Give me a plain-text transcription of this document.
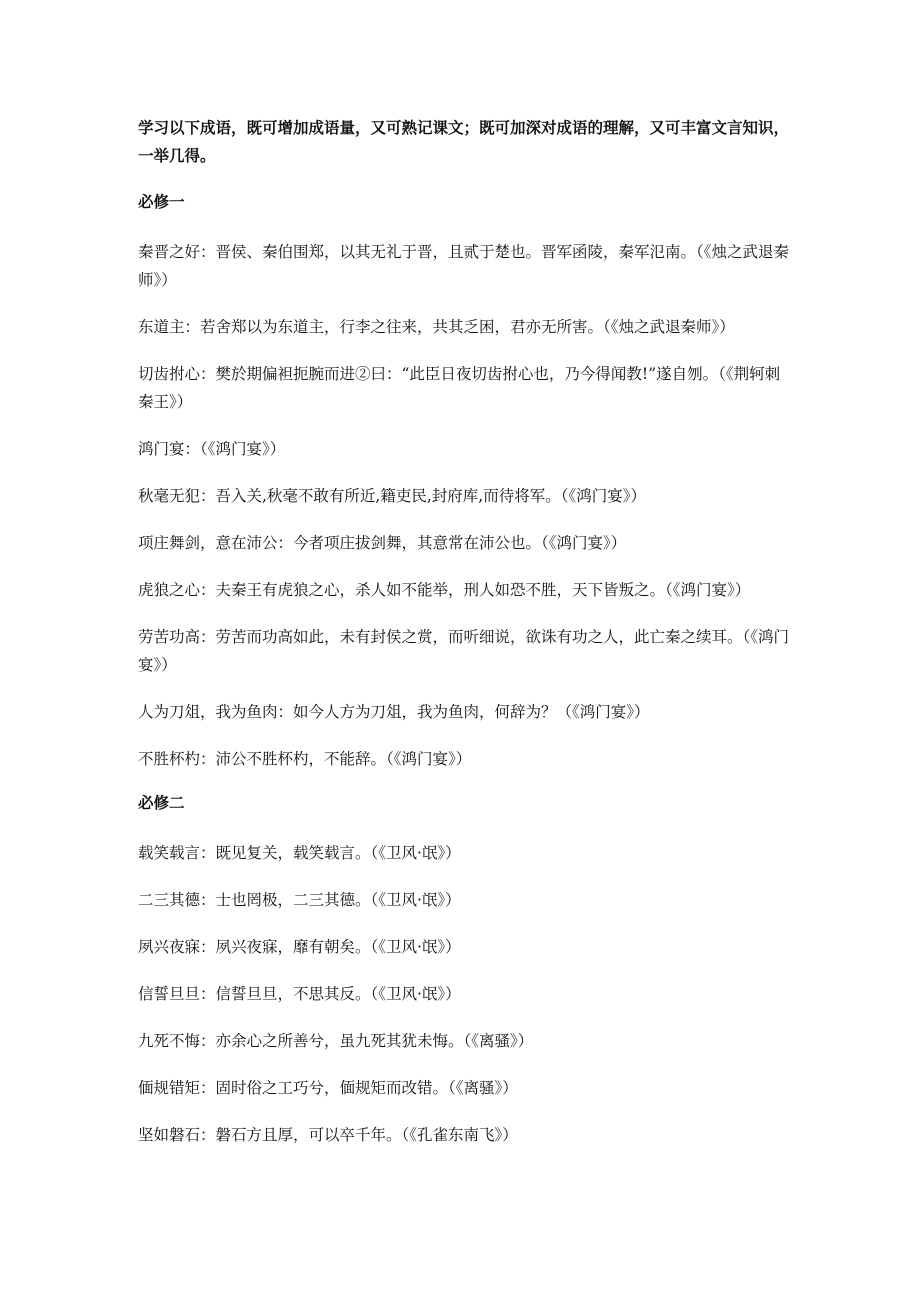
学习以下成语，既可增加成语量，又可熟记课文；既可加深对成语的理解，又可丰富文言知识，一举几得。

必修一

秦晋之好：晋侯、秦伯围郑，以其无礼于晋，且贰于楚也。晋军函陵，秦军氾南。（《烛之武退秦师》）

东道主：若舍郑以为东道主，行李之往来，共其乏困，君亦无所害。（《烛之武退秦师》）

切齿拊心：樊於期偏袒扼腕而进②曰：“此臣日夜切齿拊心也，乃今得闻教!”遂自刎。（《荆轲刺秦王》）

鸿门宴：（《鸿门宴》）

秋毫无犯：吾入关,秋毫不敢有所近,籍吏民,封府库,而待将军。（《鸿门宴》）

项庄舞剑，意在沛公：今者项庄拔剑舞，其意常在沛公也。（《鸿门宴》）

虎狼之心：夫秦王有虎狼之心，杀人如不能举，刑人如恐不胜，天下皆叛之。（《鸿门宴》）

劳苦功高：劳苦而功高如此，未有封侯之赏，而听细说，欲诛有功之人，此亡秦之续耳。（《鸿门宴》）

人为刀俎，我为鱼肉：如今人方为刀俎，我为鱼肉，何辞为？（《鸿门宴》）

不胜杯杓：沛公不胜杯杓，不能辞。（《鸿门宴》）

必修二

载笑载言：既见复关，载笑载言。（《卫风·氓》）

二三其德：士也罔极，二三其德。（《卫风·氓》）

夙兴夜寐：夙兴夜寐，靡有朝矣。（《卫风·氓》）

信誓旦旦：信誓旦旦，不思其反。（《卫风·氓》）

九死不悔：亦余心之所善兮，虽九死其犹未悔。（《离骚》）

偭规错矩：固时俗之工巧兮，偭规矩而改错。（《离骚》）

坚如磐石：磐石方且厚，可以卒千年。（《孔雀东南飞》）
